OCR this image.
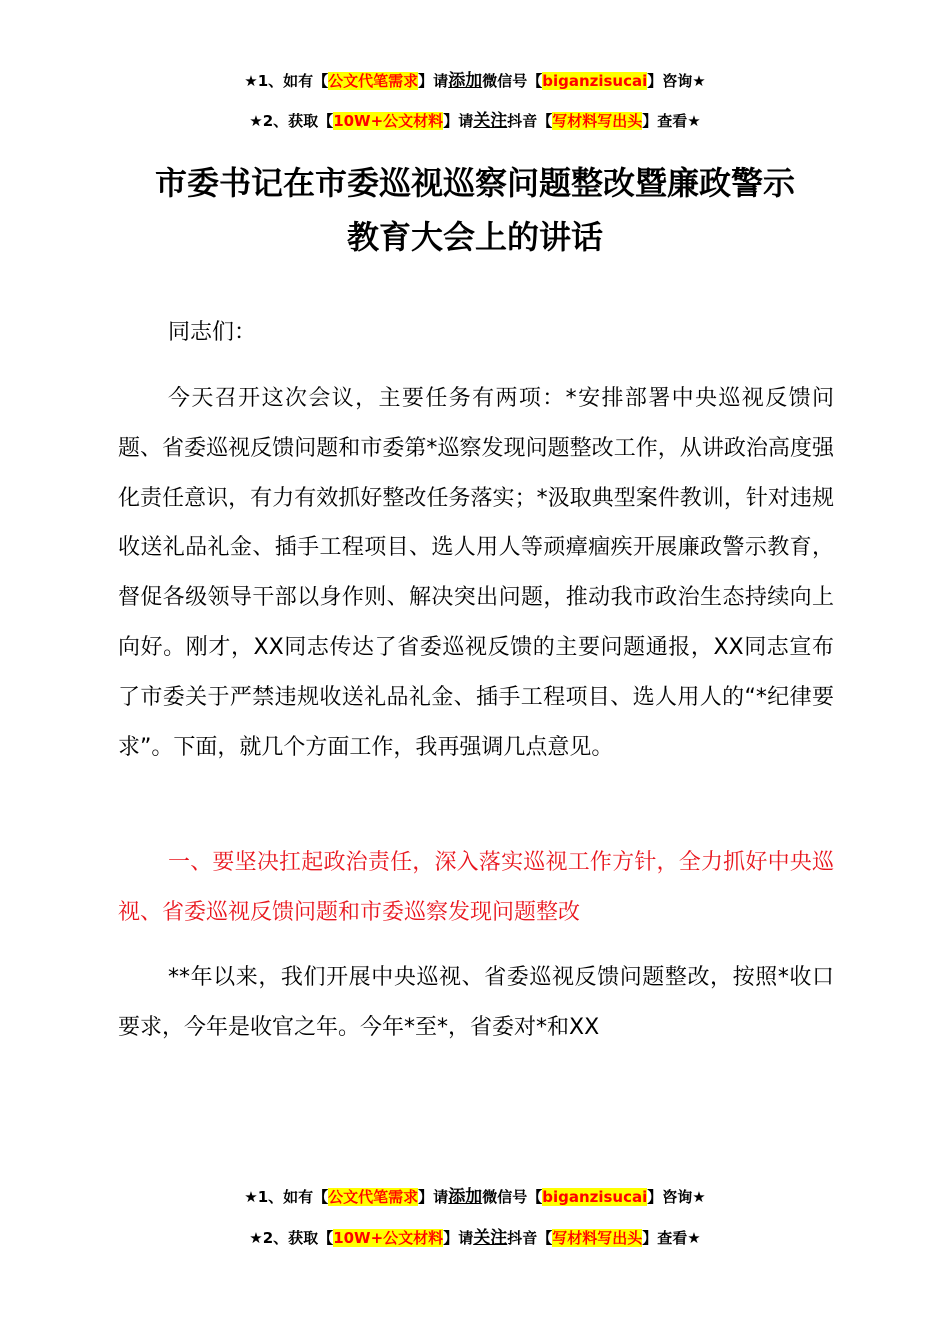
★1、如有【公文代笔需求】请添加微信号【biganzisucai】咨询★
★2、获取【10W+公文材料】请关注抖音【写材料写出头】查看★
市委书记在市委巡视巡察问题整改暨廉政警示
教育大会上的讲话
同志们：
今天召开这次会议，主要任务有两项：*安排部署中央巡视反馈问题、省委巡视反馈问题和市委第*巡察发现问题整改工作，从讲政治高度强化责任意识，有力有效抓好整改任务落实；*汲取典型案件教训，针对违规收送礼品礼金、插手工程项目、选人用人等顽瘴痼疾开展廉政警示教育，督促各级领导干部以身作则、解决突出问题，推动我市政治生态持续向上向好。刚才，XX同志传达了省委巡视反馈的主要问题通报，XX同志宣布了市委关于严禁违规收送礼品礼金、插手工程项目、选人用人的“*纪律要求”。下面，就几个方面工作，我再强调几点意见。
一、要坚决扛起政治责任，深入落实巡视工作方针，全力抓好中央巡视、省委巡视反馈问题和市委巡察发现问题整改
**年以来，我们开展中央巡视、省委巡视反馈问题整改，按照*收口要求，今年是收官之年。今年*至*，省委对*和XX
★1、如有【公文代笔需求】请添加微信号【biganzisucai】咨询★
★2、获取【10W+公文材料】请关注抖音【写材料写出头】查看★
